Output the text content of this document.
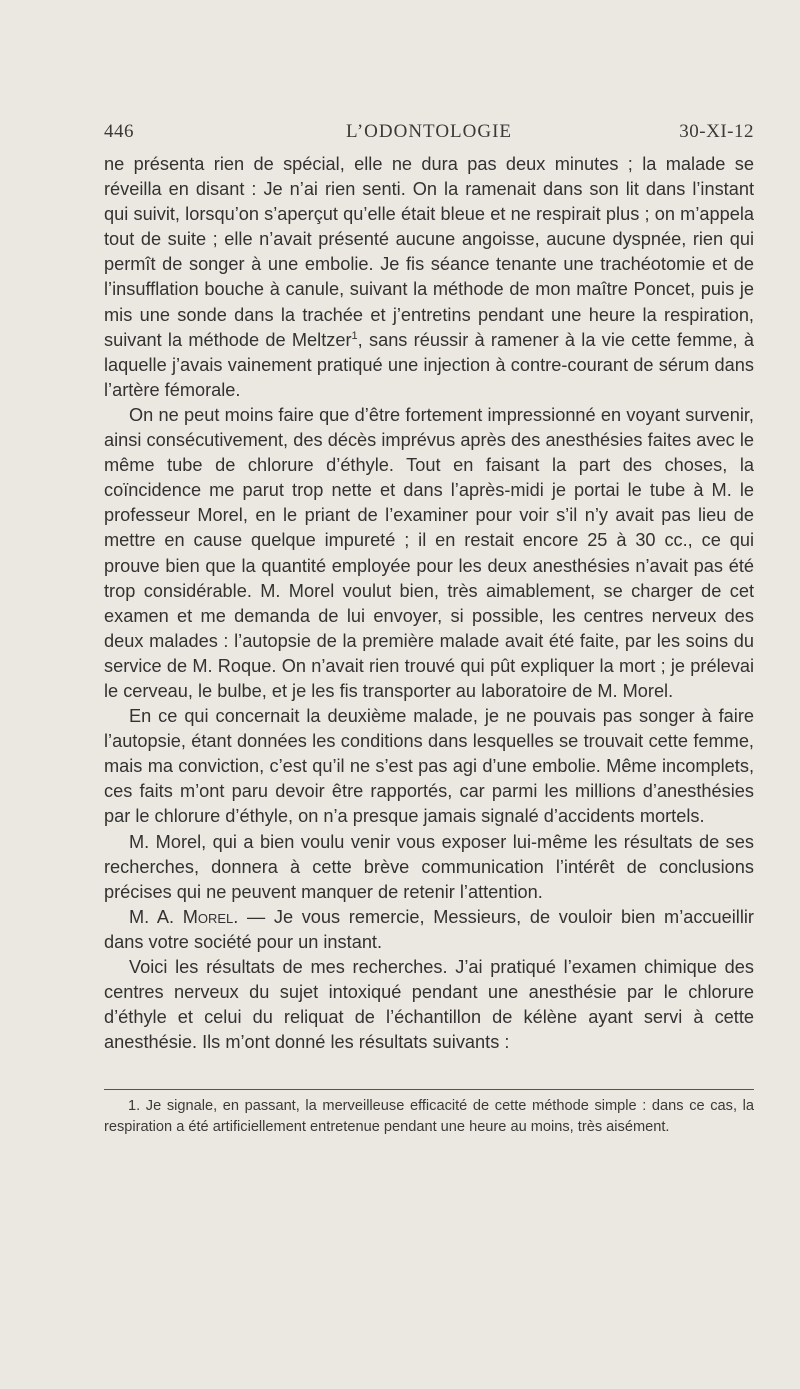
446	L’ODONTOLOGIE	30-XI-12

ne présenta rien de spécial, elle ne dura pas deux minutes ; la malade se réveilla en disant : Je n’ai rien senti. On la ramenait dans son lit dans l’instant qui suivit, lorsqu’on s’aperçut qu’elle était bleue et ne respirait plus ; on m’appela tout de suite ; elle n’avait présenté aucune angoisse, aucune dyspnée, rien qui permît de songer à une embolie. Je fis séance tenante une trachéotomie et de l’insufflation bouche à canule, suivant la méthode de mon maître Poncet, puis je mis une sonde dans la trachée et j’entretins pendant une heure la respiration, suivant la méthode de Meltzer$^1$, sans réussir à ramener à la vie cette femme, à laquelle j’avais vainement pratiqué une injection à contre-courant de sérum dans l’artère fémorale.

On ne peut moins faire que d’être fortement impressionné en voyant survenir, ainsi consécutivement, des décès imprévus après des anesthésies faites avec le même tube de chlorure d’éthyle. Tout en faisant la part des choses, la coïncidence me parut trop nette et dans l’après-midi je portai le tube à M. le professeur Morel, en le priant de l’examiner pour voir s’il n’y avait pas lieu de mettre en cause quelque impureté ; il en restait encore 25 à 30 cc., ce qui prouve bien que la quantité employée pour les deux anesthésies n’avait pas été trop considérable. M. Morel voulut bien, très aimablement, se charger de cet examen et me demanda de lui envoyer, si possible, les centres nerveux des deux malades : l’autopsie de la première malade avait été faite, par les soins du service de M. Roque. On n’avait rien trouvé qui pût expliquer la mort ; je prélevai le cerveau, le bulbe, et je les fis transporter au laboratoire de M. Morel.

En ce qui concernait la deuxième malade, je ne pouvais pas songer à faire l’autopsie, étant données les conditions dans lesquelles se trouvait cette femme, mais ma conviction, c’est qu’il ne s’est pas agi d’une embolie. Même incomplets, ces faits m’ont paru devoir être rapportés, car parmi les millions d’anesthésies par le chlorure d’éthyle, on n’a presque jamais signalé d’accidents mortels.

M. Morel, qui a bien voulu venir vous exposer lui-même les résultats de ses recherches, donnera à cette brève communication l’intérêt de conclusions précises qui ne peuvent manquer de retenir l’attention.

M. A. Morel. — Je vous remercie, Messieurs, de vouloir bien m’accueillir dans votre société pour un instant.

Voici les résultats de mes recherches. J’ai pratiqué l’examen chimique des centres nerveux du sujet intoxiqué pendant une anesthésie par le chlorure d’éthyle et celui du reliquat de l’échantillon de kélène ayant servi à cette anesthésie. Ils m’ont donné les résultats suivants :

1. Je signale, en passant, la merveilleuse efficacité de cette méthode simple : dans ce cas, la respiration a été artificiellement entretenue pendant une heure au moins, très aisément.
